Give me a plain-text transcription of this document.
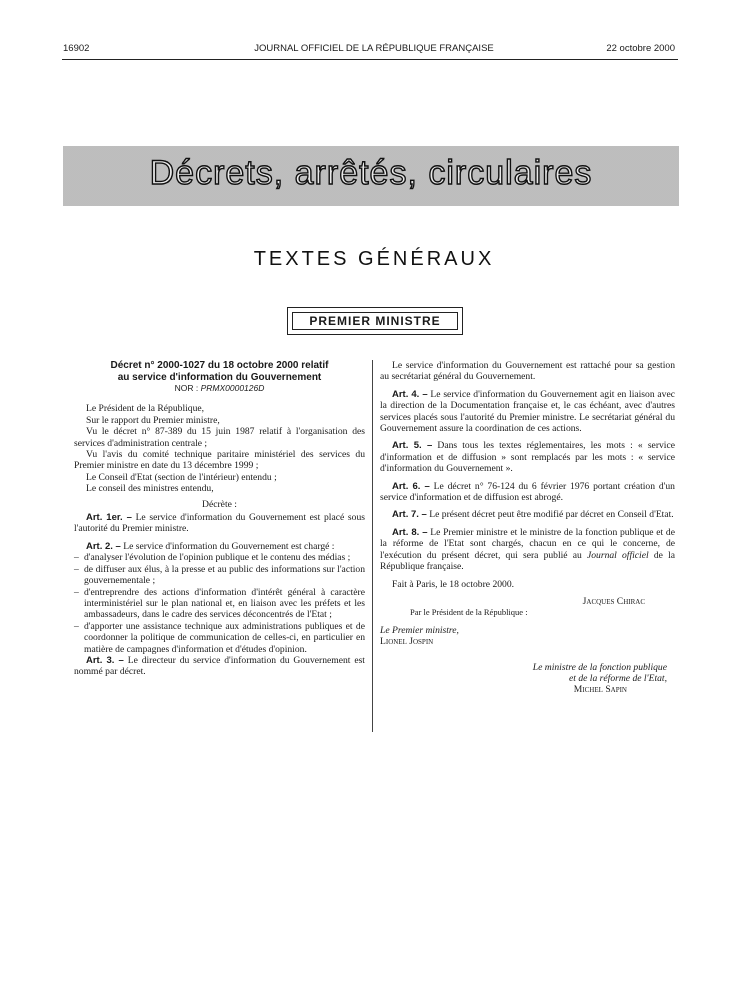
16902	JOURNAL OFFICIEL DE LA RÉPUBLIQUE FRANÇAISE	22 octobre 2000
Décrets, arrêtés, circulaires
TEXTES GÉNÉRAUX
PREMIER MINISTRE
Décret n° 2000-1027 du 18 octobre 2000 relatif
au service d'information du Gouvernement
NOR : PRMX0000126D

Le Président de la République,

Sur le rapport du Premier ministre,

Vu le décret n° 87-389 du 15 juin 1987 relatif à l'organisation des services d'administration centrale ;

Vu l'avis du comité technique paritaire ministériel des services du Premier ministre en date du 13 décembre 1999 ;

Le Conseil d'Etat (section de l'intérieur) entendu ;

Le conseil des ministres entendu,

Décrète :

Art. 1er. – Le service d'information du Gouvernement est placé sous l'autorité du Premier ministre.

Art. 2. – Le service d'information du Gouvernement est chargé :

– d'analyser l'évolution de l'opinion publique et le contenu des médias ;
– de diffuser aux élus, à la presse et au public des informations sur l'action gouvernementale ;
– d'entreprendre des actions d'information d'intérêt général à caractère interministériel sur le plan national et, en liaison avec les préfets et les ambassadeurs, dans le cadre des services déconcentrés de l'Etat ;
– d'apporter une assistance technique aux administrations publiques et de coordonner la politique de communication de celles-ci, en particulier en matière de campagnes d'information et d'études d'opinion.

Art. 3. – Le directeur du service d'information du Gouvernement est nommé par décret.

Le service d'information du Gouvernement est rattaché pour sa gestion au secrétariat général du Gouvernement.

Art. 4. – Le service d'information du Gouvernement agit en liaison avec la direction de la Documentation française et, le cas échéant, avec d'autres services placés sous l'autorité du Premier ministre. Le secrétariat général du Gouvernement assure la coordination de ces actions.

Art. 5. – Dans tous les textes réglementaires, les mots : « service d'information et de diffusion » sont remplacés par les mots : « service d'information du Gouvernement ».

Art. 6. – Le décret n° 76-124 du 6 février 1976 portant création d'un service d'information et de diffusion est abrogé.

Art. 7. – Le présent décret peut être modifié par décret en Conseil d'Etat.

Art. 8. – Le Premier ministre et le ministre de la fonction publique et de la réforme de l'Etat sont chargés, chacun en ce qui le concerne, de l'exécution du présent décret, qui sera publié au Journal officiel de la République française.

Fait à Paris, le 18 octobre 2000.

Jacques Chirac

Par le Président de la République :

Le Premier ministre,

Lionel Jospin

Le ministre de la fonction publique
et de la réforme de l'Etat,
Michel Sapin
